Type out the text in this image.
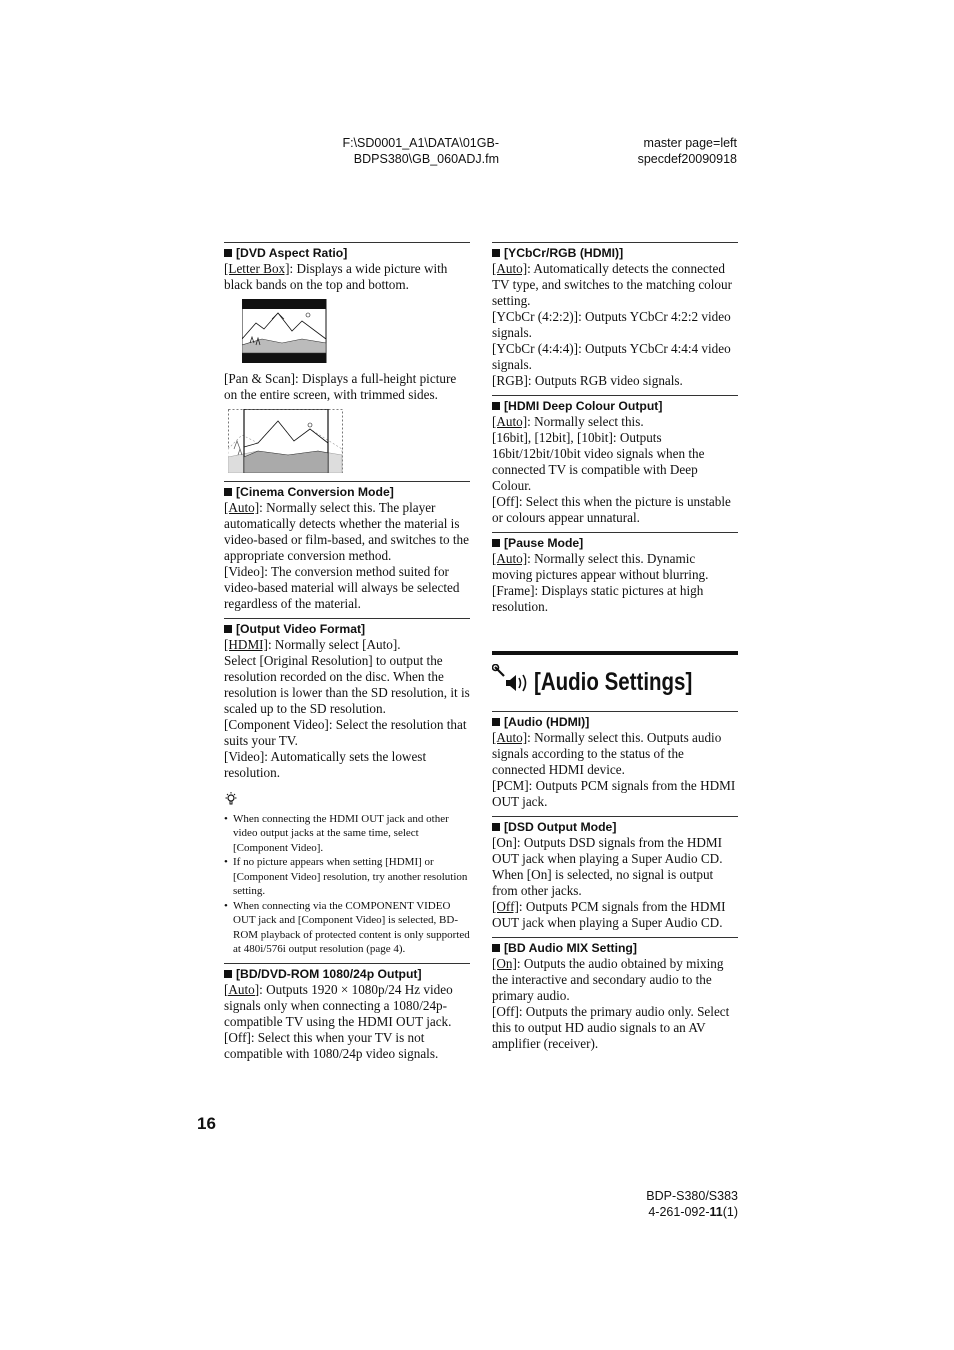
F:\SD0001_A1\DATA\01GB-
BDPS380\GB_060ADJ.fm
master page=left
specdef20090918
[DVD Aspect Ratio]

[Letter Box]: Displays a wide picture with black bands on the top and bottom.

[Pan & Scan]: Displays a full-height picture on the entire screen, with trimmed sides.

[Cinema Conversion Mode]

[Auto]: Normally select this. The player automatically detects whether the material is video-based or film-based, and switches to the appropriate conversion method.

[Video]: The conversion method suited for video-based material will always be selected regardless of the material.

[Output Video Format]

[HDMI]: Normally select [Auto].

Select [Original Resolution] to output the resolution recorded on the disc. When the resolution is lower than the SD resolution, it is scaled up to the SD resolution.

[Component Video]: Select the resolution that suits your TV.

[Video]: Automatically sets the lowest resolution.

• When connecting the HDMI OUT jack and other video output jacks at the same time, select [Component Video].
• If no picture appears when setting [HDMI] or [Component Video] resolution, try another resolution setting.
• When connecting via the COMPONENT VIDEO OUT jack and [Component Video] is selected, BD-ROM playback of protected content is only supported at 480i/576i output resolution (page 4).
[BD/DVD-ROM 1080/24p Output]

[Auto]: Outputs 1920 × 1080p/24 Hz video signals only when connecting a 1080/24p-compatible TV using the HDMI OUT jack.

[Off]: Select this when your TV is not compatible with 1080/24p video signals.

[YCbCr/RGB (HDMI)]

[Auto]: Automatically detects the connected TV type, and switches to the matching colour setting.

[YCbCr (4:2:2)]: Outputs YCbCr 4:2:2 video signals.

[YCbCr (4:4:4)]: Outputs YCbCr 4:4:4 video signals.

[RGB]: Outputs RGB video signals.

[HDMI Deep Colour Output]

[Auto]: Normally select this.

[16bit], [12bit], [10bit]: Outputs 16bit/12bit/10bit video signals when the connected TV is compatible with Deep Colour.

[Off]: Select this when the picture is unstable or colours appear unnatural.

[Pause Mode]

[Auto]: Normally select this. Dynamic moving pictures appear without blurring.

[Frame]: Displays static pictures at high resolution.

[Audio Settings]
[Audio (HDMI)]

[Auto]: Normally select this. Outputs audio signals according to the status of the connected HDMI device.

[PCM]: Outputs PCM signals from the HDMI OUT jack.

[DSD Output Mode]

[On]: Outputs DSD signals from the HDMI OUT jack when playing a Super Audio CD. When [On] is selected, no signal is output from other jacks.

[Off]: Outputs PCM signals from the HDMI OUT jack when playing a Super Audio CD.

[BD Audio MIX Setting]

[On]: Outputs the audio obtained by mixing the interactive and secondary audio to the primary audio.

[Off]: Outputs the primary audio only. Select this to output HD audio signals to an AV amplifier (receiver).

16
BDP-S380/S383
4-261-092-11(1)
